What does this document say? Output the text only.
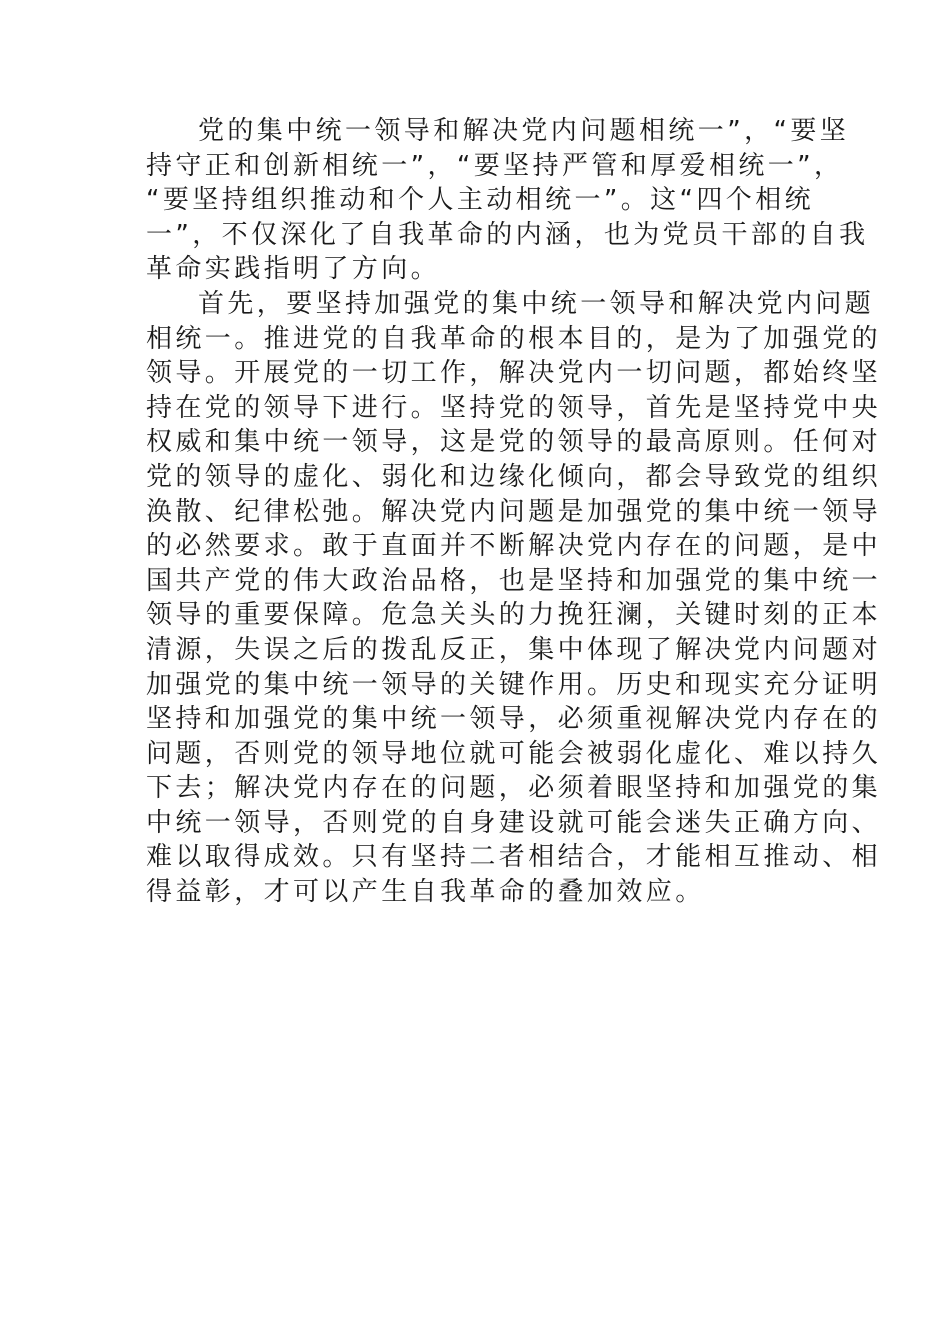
党的集中统一领导和解决党内问题相统一”，“要坚
持守正和创新相统一”，“要坚持严管和厚爱相统一”，
“要坚持组织推动和个人主动相统一”。这“四个相统
一”，不仅深化了自我革命的内涵，也为党员干部的自我
革命实践指明了方向。
首先，要坚持加强党的集中统一领导和解决党内问题
相统一。推进党的自我革命的根本目的，是为了加强党的
领导。开展党的一切工作，解决党内一切问题，都始终坚
持在党的领导下进行。坚持党的领导，首先是坚持党中央
权威和集中统一领导，这是党的领导的最高原则。任何对
党的领导的虚化、弱化和边缘化倾向，都会导致党的组织
涣散、纪律松弛。解决党内问题是加强党的集中统一领导
的必然要求。敢于直面并不断解决党内存在的问题，是中
国共产党的伟大政治品格，也是坚持和加强党的集中统一
领导的重要保障。危急关头的力挽狂澜，关键时刻的正本
清源，失误之后的拨乱反正，集中体现了解决党内问题对
加强党的集中统一领导的关键作用。历史和现实充分证明
坚持和加强党的集中统一领导，必须重视解决党内存在的
问题，否则党的领导地位就可能会被弱化虚化、难以持久
下去；解决党内存在的问题，必须着眼坚持和加强党的集
中统一领导，否则党的自身建设就可能会迷失正确方向、
难以取得成效。只有坚持二者相结合，才能相互推动、相
得益彰，才可以产生自我革命的叠加效应。
